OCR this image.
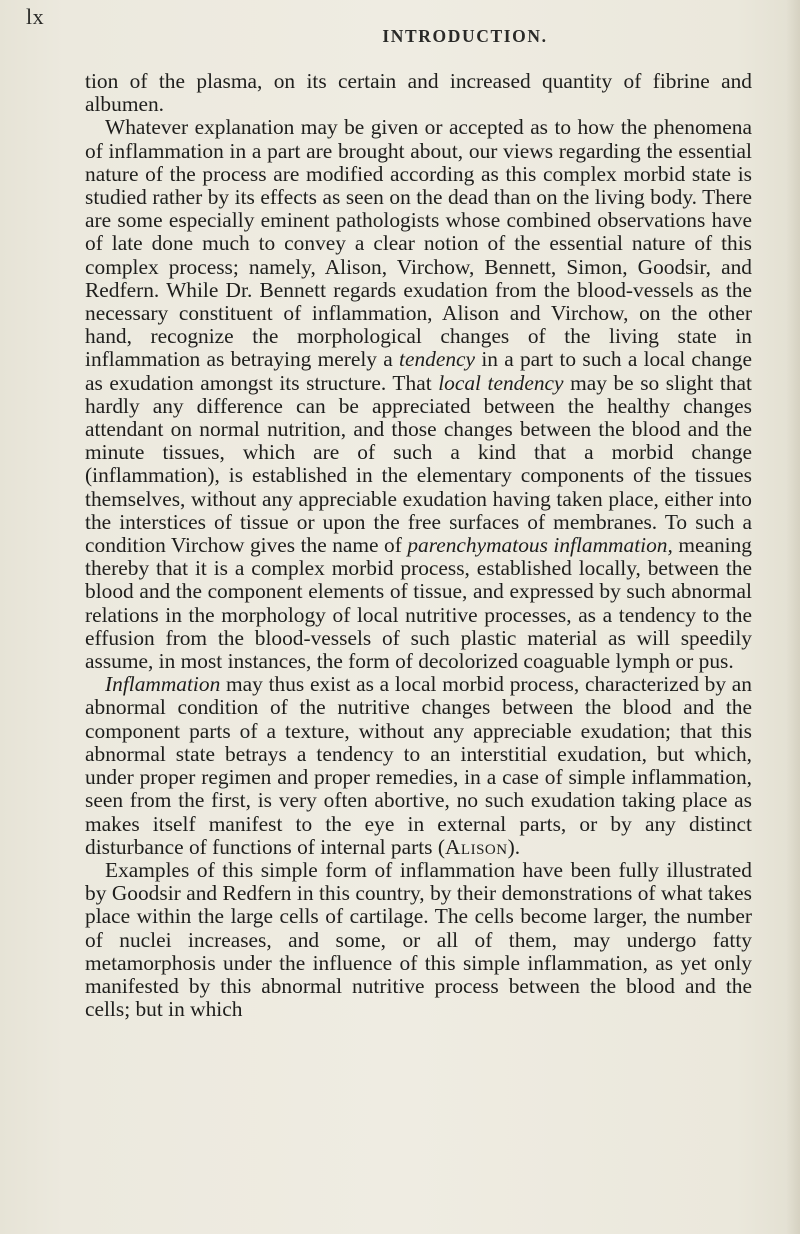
lx
INTRODUCTION.

tion of the plasma, on its certain and increased quantity of fibrine and albumen.

Whatever explanation may be given or accepted as to how the phenomena of inflammation in a part are brought about, our views regarding the essential nature of the process are modified according as this complex morbid state is studied rather by its effects as seen on the dead than on the living body. There are some especially eminent pathologists whose combined observations have of late done much to convey a clear notion of the essential nature of this complex process; namely, Alison, Virchow, Bennett, Simon, Goodsir, and Redfern. While Dr. Bennett regards exudation from the blood-vessels as the necessary constituent of inflammation, Alison and Virchow, on the other hand, recognize the morphological changes of the living state in inflammation as betraying merely a tendency in a part to such a local change as exudation amongst its structure. That local tendency may be so slight that hardly any difference can be appreciated between the healthy changes attendant on normal nutrition, and those changes between the blood and the minute tissues, which are of such a kind that a morbid change (inflammation), is established in the elementary components of the tissues themselves, without any appreciable exudation having taken place, either into the interstices of tissue or upon the free surfaces of membranes. To such a condition Virchow gives the name of parenchymatous inflammation, meaning thereby that it is a complex morbid process, established locally, between the blood and the component elements of tissue, and expressed by such abnormal relations in the morphology of local nutritive processes, as a tendency to the effusion from the blood-vessels of such plastic material as will speedily assume, in most instances, the form of decolorized coaguable lymph or pus.

Inflammation may thus exist as a local morbid process, characterized by an abnormal condition of the nutritive changes between the blood and the component parts of a texture, without any appreciable exudation; that this abnormal state betrays a tendency to an interstitial exudation, but which, under proper regimen and proper remedies, in a case of simple inflammation, seen from the first, is very often abortive, no such exudation taking place as makes itself manifest to the eye in external parts, or by any distinct disturbance of functions of internal parts (Alison).

Examples of this simple form of inflammation have been fully illustrated by Goodsir and Redfern in this country, by their demonstrations of what takes place within the large cells of cartilage. The cells become larger, the number of nuclei increases, and some, or all of them, may undergo fatty metamorphosis under the influence of this simple inflammation, as yet only manifested by this abnormal nutritive process between the blood and the cells; but in which
